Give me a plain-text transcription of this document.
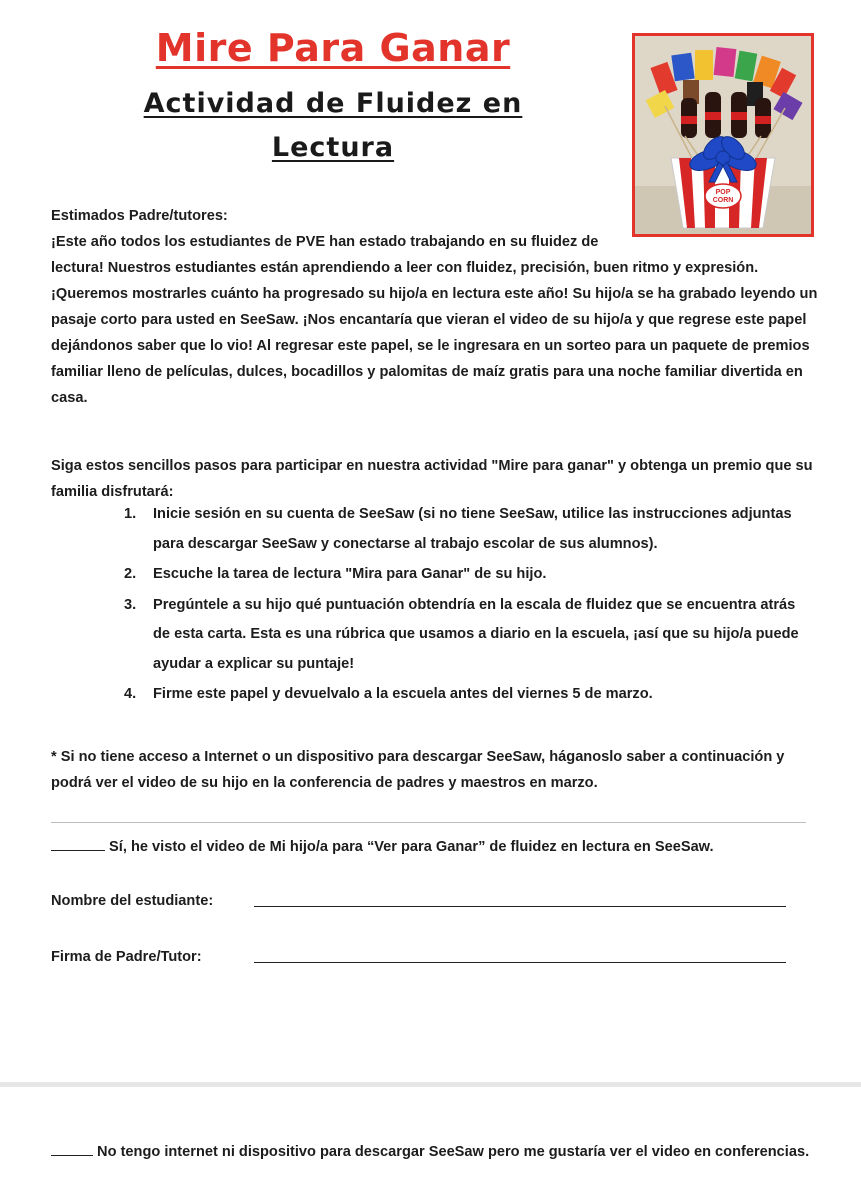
Mire Para Ganar
Actividad de Fluidez en
Lectura
POP
CORN
Estimados Padre/tutores:
¡Este año todos los estudiantes de PVE han estado trabajando en su fluidez de
lectura! Nuestros estudiantes están aprendiendo a leer con fluidez, precisión, buen ritmo y expresión. ¡Queremos mostrarles cuánto ha progresado su hijo/a en lectura este año! Su hijo/a se ha grabado leyendo un pasaje corto para usted en SeeSaw. ¡Nos encantaría que vieran el video de su hijo/a y que regrese este papel dejándonos saber que lo vio! Al regresar este papel, se le ingresara en un sorteo para un paquete de premios familiar lleno de películas, dulces, bocadillos y palomitas de maíz gratis para una noche familiar divertida en casa.
Siga estos sencillos pasos para participar en nuestra actividad "Mire para ganar" y obtenga un premio que su familia disfrutará:
1. Inicie sesión en su cuenta de SeeSaw (si no tiene SeeSaw, utilice las instrucciones adjuntas para descargar SeeSaw y conectarse al trabajo escolar de sus alumnos).
2. Escuche la tarea de lectura "Mira para Ganar" de su hijo.
3. Pregúntele a su hijo qué puntuación obtendría en la escala de fluidez que se encuentra atrás de esta carta. Esta es una rúbrica que usamos a diario en la escuela, ¡así que su hijo/a puede ayudar a explicar su puntaje!
4. Firme este papel y devuelvalo a la escuela antes del viernes 5 de marzo.
* Si no tiene acceso a Internet o un dispositivo para descargar SeeSaw, háganoslo saber a continuación y podrá ver el video de su hijo en la conferencia de padres y maestros en marzo.
Sí, he visto el video de Mi hijo/a para “Ver para Ganar” de fluidez en lectura en SeeSaw.
Nombre del estudiante:
Firma de Padre/Tutor:
No tengo internet ni dispositivo para descargar SeeSaw pero me gustaría ver el video en conferencias.
